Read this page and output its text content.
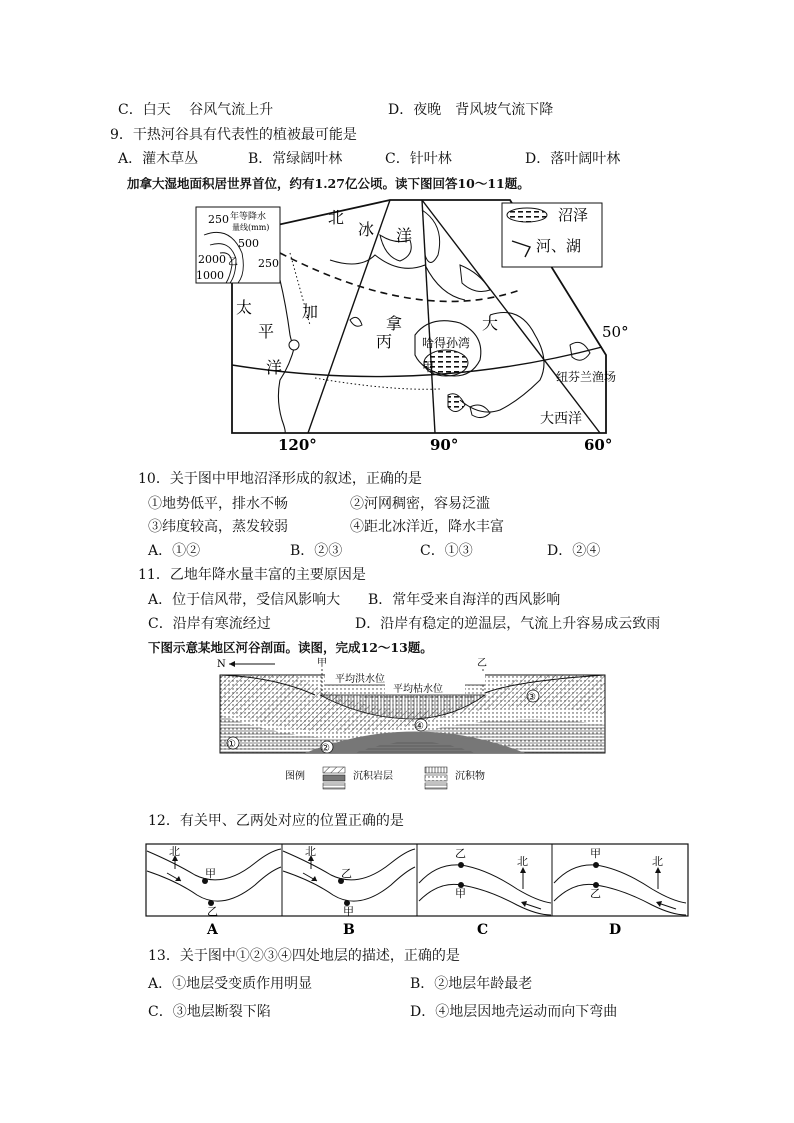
C．白天　 谷风气流上升	D．夜晚　背风坡气流下降
9．干热河谷具有代表性的植被最可能是
A．灌木草丛	B．常绿阔叶林	C．针叶林	D．落叶阔叶林
加拿大湿地面积居世界首位，约有1.27亿公顷。读下图回答10～11题。
沼泽
河、湖
250 年等降水
量线(mm)
500
2000 乙 250
1000
北
冰 洋
太
平
洋
加
拿
丙
大
哈得孙湾
甲
50°
纽芬兰渔场
大西洋
120°	90°	60°
10．关于图中甲地沼泽形成的叙述，正确的是
①地势低平，排水不畅	②河网稠密，容易泛滥
③纬度较高，蒸发较弱	④距北冰洋近，降水丰富
A．①②	B．②③	C．①③	D．②④
11．乙地年降水量丰富的主要原因是
A．位于信风带，受信风影响大 B．常年受来自海洋的西风影响
C．沿岸有寒流经过	D．沿岸有稳定的逆温层，气流上升容易成云致雨
下图示意某地区河谷剖面。读图，完成12～13题。
N	甲	乙
平均洪水位
平均枯水位
①	②
③
④
图例	沉积岩层	沉积物
12．有关甲、乙两处对应的位置正确的是
北
甲
乙
北
乙
甲
北
乙
甲
北
甲
乙
A	B	C	D
13．关于图中①②③④四处地层的描述，正确的是
A．①地层受变质作用明显	B．②地层年龄最老
C．③地层断裂下陷	D．④地层因地壳运动而向下弯曲
